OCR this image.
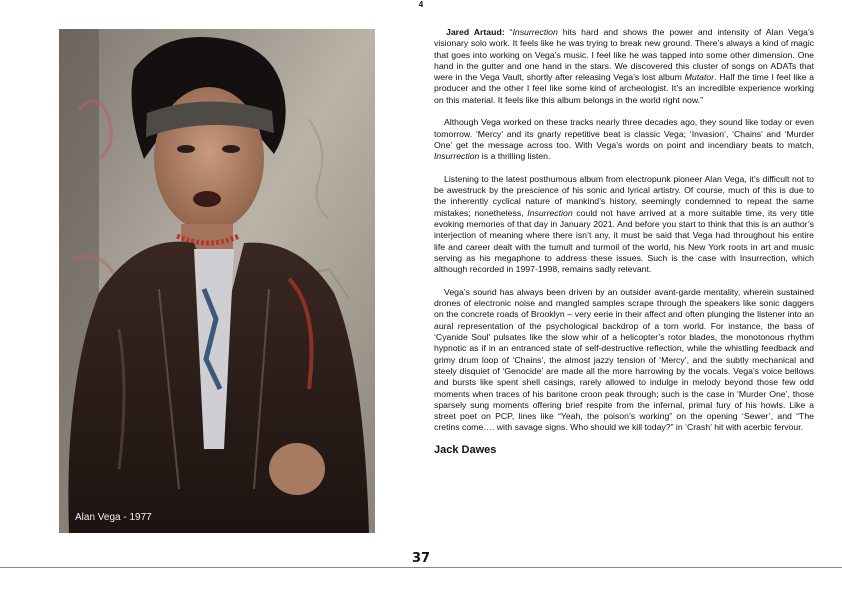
4
Alan Vega - 1977

Jared Artaud: “Insurrection hits hard and shows the power and intensity of Alan Vega’s visionary solo work. It feels like he was trying to break new ground. There’s always a kind of magic that goes into working on Vega’s music. I feel like he was tapped into some other dimension. One hand in the gutter and one hand in the stars. We discovered this cluster of songs on ADATs that were in the Vega Vault, shortly after releasing Vega’s lost album Mutator. Half the time I feel like a producer and the other I feel like some kind of archeologist. It’s an incredible experience working on this material. It feels like this album belongs in the world right now.”

Although Vega worked on these tracks nearly three decades ago, they sound like today or even tomorrow. ‘Mercy’ and its gnarly repetitive beat is classic Vega; ‘Invasion’, ‘Chains’ and ‘Murder One’ get the message across too. With Vega’s words on point and incendiary beats to match, Insurrection is a thrilling listen.

Listening to the latest posthumous album from electropunk pioneer Alan Vega, it’s difficult not to be awestruck by the prescience of his sonic and lyrical artistry. Of course, much of this is due to the inherently cyclical nature of mankind’s history, seemingly condemned to repeat the same mistakes; nonetheless, Insurrection could not have arrived at a more suitable time, its very title evoking memories of that day in January 2021. And before you start to think that this is an author’s interjection of meaning where there isn’t any, it must be said that Vega had throughout his entire life and career dealt with the tumult and turmoil of the world, his New York roots in art and music serving as his megaphone to address these issues. Such is the case with Insurrection, which although recorded in 1997-1998, remains sadly relevant.

Vega’s sound has always been driven by an outsider avant-garde mentality, wherein sustained drones of electronic noise and mangled samples scrape through the speakers like sonic daggers on the concrete roads of Brooklyn – very eerie in their affect and often plunging the listener into an aural representation of the psychological backdrop of a torn world. For instance, the bass of ‘Cyanide Soul’ pulsates like the slow whir of a helicopter’s rotor blades, the monotonous rhythm hypnotic as if in an entranced state of self-destructive reflection, while the whistling feedback and grimy drum loop of ‘Chains’, the almost jazzy tension of ‘Mercy’, and the subtly mechanical and steely disquiet of ‘Genocide’ are made all the more harrowing by the vocals. Vega’s voice bellows and bursts like spent shell casings, rarely allowed to indulge in melody beyond those few odd moments when traces of his baritone croon peak through; such is the case in ‘Murder One’, those sparsely sung moments offering brief respite from the infernal, primal fury of his howls. Like a street poet on PCP, lines like “Yeah, the poison’s working” on the opening ‘Sewer’, and “The cretins come…. with savage signs. Who should we kill today?” in ‘Crash’ hit with acerbic fervour.

Jack Dawes
37
